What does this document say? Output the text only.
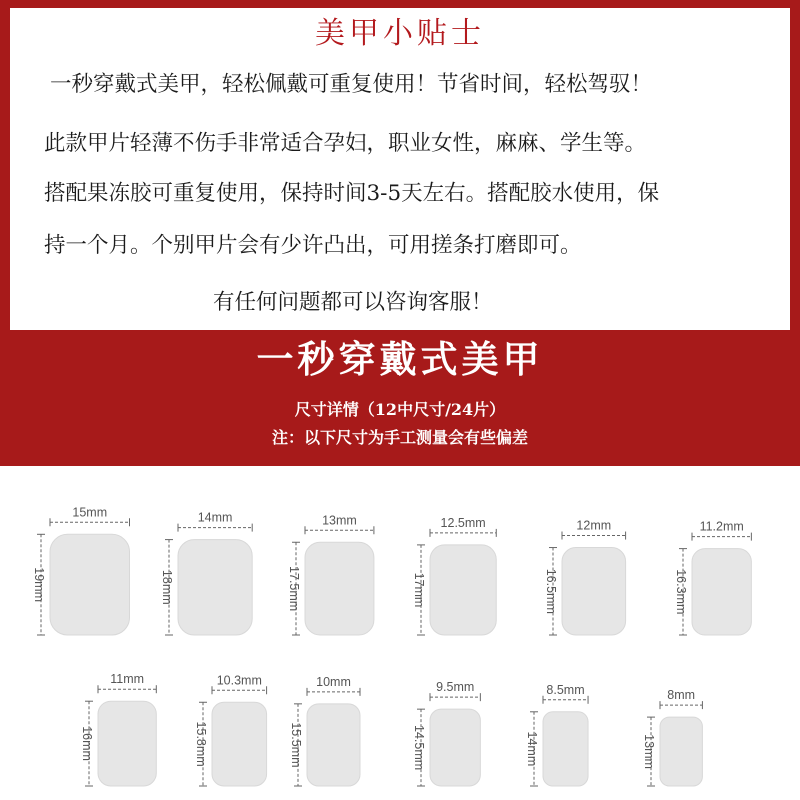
美甲小贴士
一秒穿戴式美甲，轻松佩戴可重复使用！节省时间，轻松驾驭！
此款甲片轻薄不伤手非常适合孕妇，职业女性，麻麻、学生等。
搭配果冻胶可重复使用，保持时间3-5天左右。搭配胶水使用，保
持一个月。个别甲片会有少许凸出，可用搓条打磨即可。
有任何问题都可以咨询客服！
一秒穿戴式美甲
尺寸详情（12中尺寸/24片）
注：以下尺寸为手工测量会有些偏差
15mm
19mm
14mm
18mm
13mm
17.5mm
12.5mm
17mm
12mm
16.5mm
11.2mm
16.3mm
11mm
16mm
10.3mm
15.8mm
10mm
15.5mm
9.5mm
14.5mm
8.5mm
14mm
8mm
13mm
